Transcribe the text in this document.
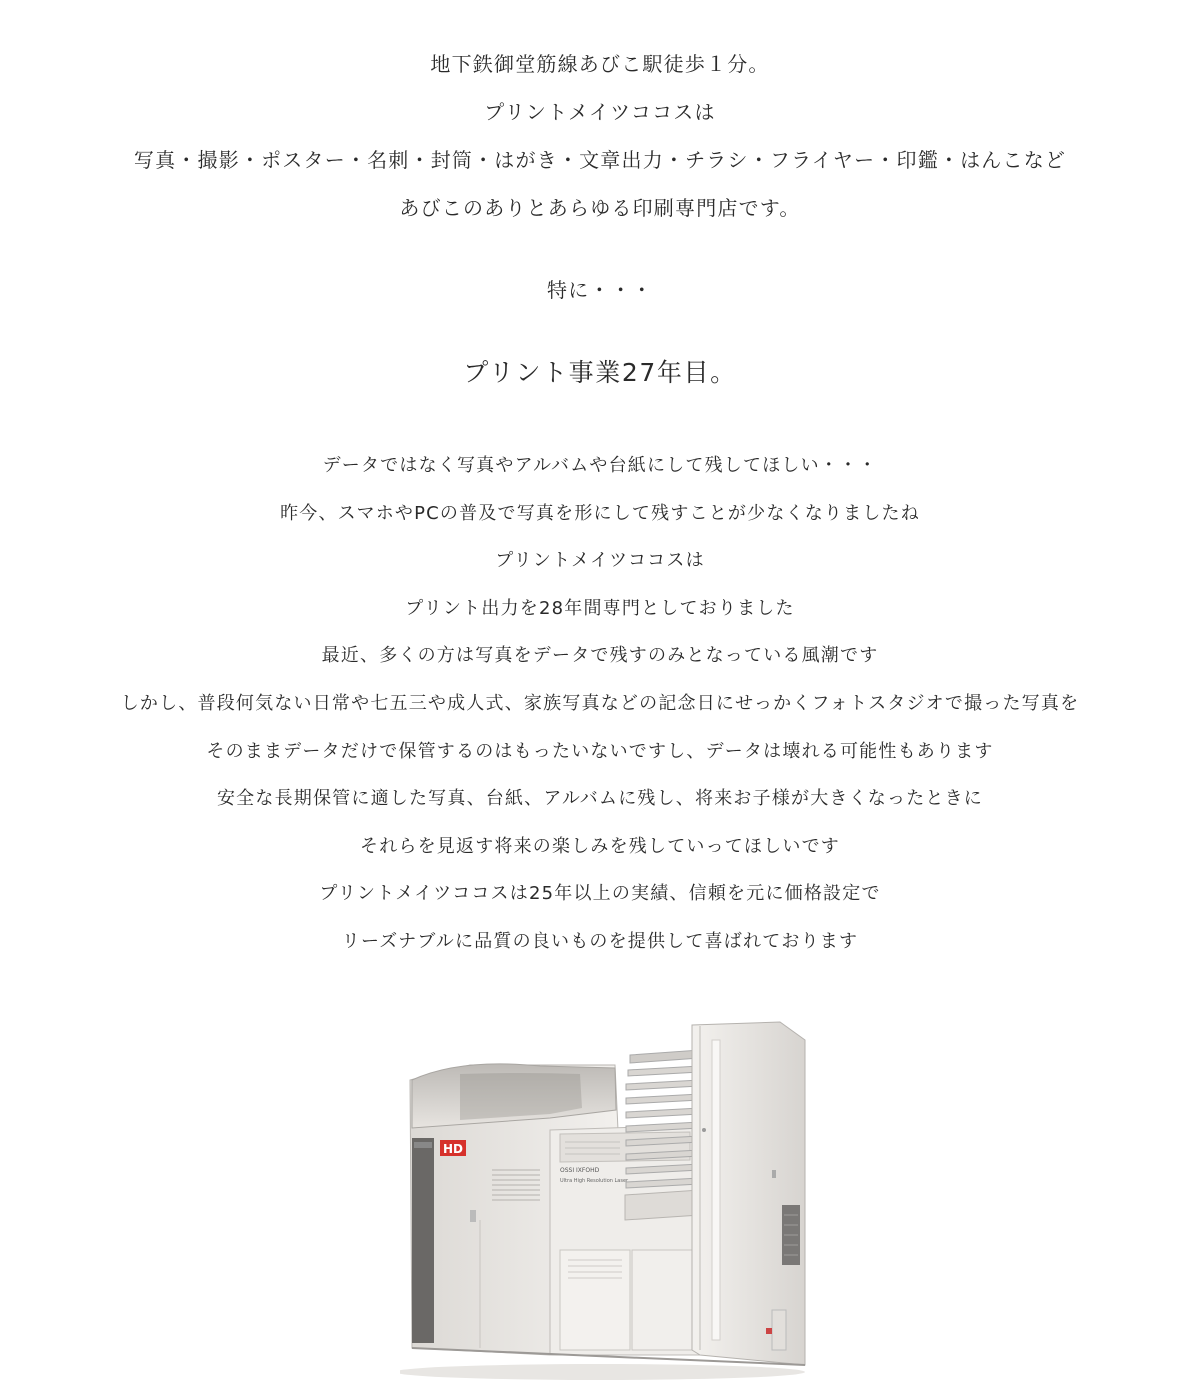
地下鉄御堂筋線あびこ駅徒歩１分。
プリントメイツココスは
写真・撮影・ポスター・名刺・封筒・はがき・文章出力・チラシ・フライヤー・印鑑・はんこなど
あびこのありとあらゆる印刷専門店です。
特に・・・
プリント事業27年目。
データではなく写真やアルバムや台紙にして残してほしい・・・
昨今、スマホやPCの普及で写真を形にして残すことが少なくなりましたね
プリントメイツココスは
プリント出力を28年間専門としておりました
最近、多くの方は写真をデータで残すのみとなっている風潮です
しかし、普段何気ない日常や七五三や成人式、家族写真などの記念日にせっかくフォトスタジオで撮った写真を
そのままデータだけで保管するのはもったいないですし、データは壊れる可能性もあります
安全な長期保管に適した写真、台紙、アルバムに残し、将来お子様が大きくなったときに
それらを見返す将来の楽しみを残していってほしいです
プリントメイツココスは25年以上の実績、信頼を元に価格設定で
リーズナブルに品質の良いものを提供して喜ばれております
HD
OSSI IXFOHD
Ultra High Resolution Laser
